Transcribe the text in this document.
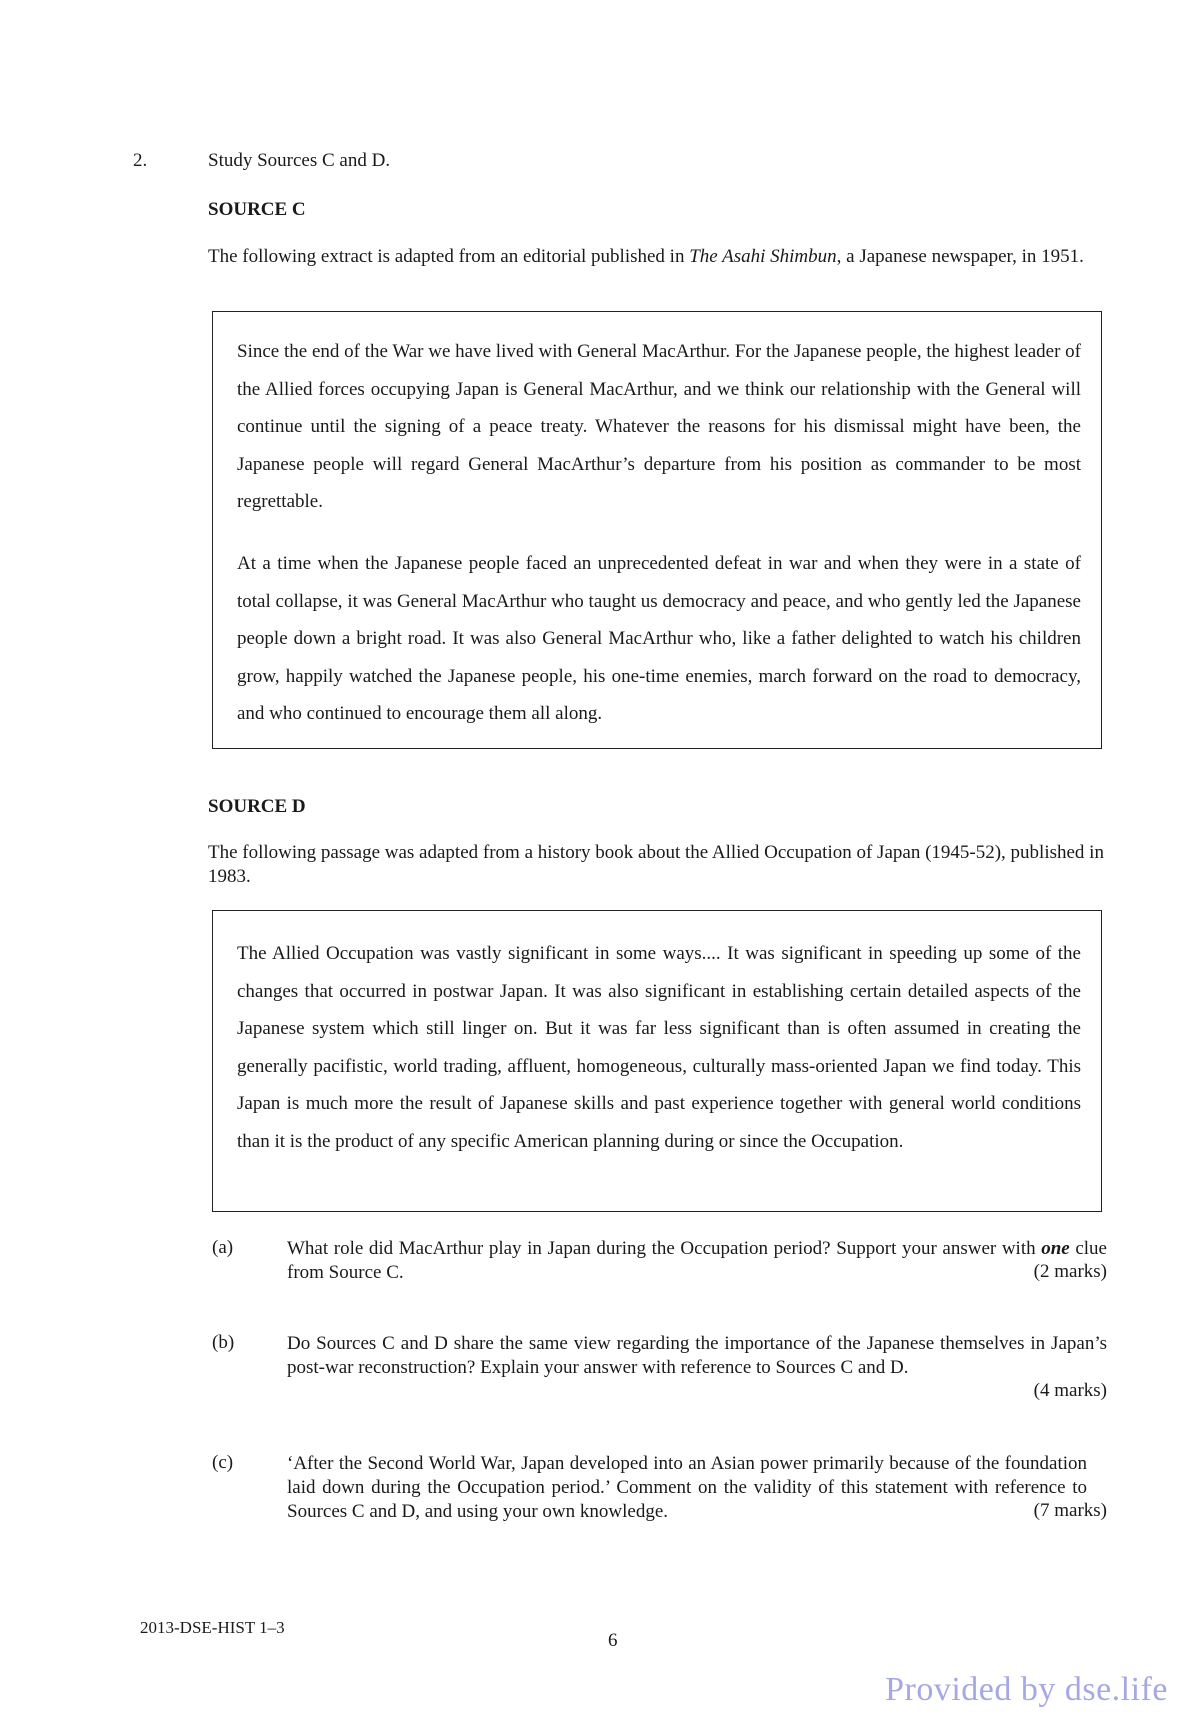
2.	Study Sources C and D.
SOURCE C
The following extract is adapted from an editorial published in The Asahi Shimbun, a Japanese newspaper, in 1951.

Since the end of the War we have lived with General MacArthur. For the Japanese people, the highest leader of the Allied forces occupying Japan is General MacArthur, and we think our relationship with the General will continue until the signing of a peace treaty. Whatever the reasons for his dismissal might have been, the Japanese people will regard General MacArthur’s departure from his position as commander to be most regrettable.

At a time when the Japanese people faced an unprecedented defeat in war and when they were in a state of total collapse, it was General MacArthur who taught us democracy and peace, and who gently led the Japanese people down a bright road. It was also General MacArthur who, like a father delighted to watch his children grow, happily watched the Japanese people, his one-time enemies, march forward on the road to democracy, and who continued to encourage them all along.

SOURCE D
The following passage was adapted from a history book about the Allied Occupation of Japan (1945-52), published in 1983.

The Allied Occupation was vastly significant in some ways.... It was significant in speeding up some of the changes that occurred in postwar Japan. It was also significant in establishing certain detailed aspects of the Japanese system which still linger on. But it was far less significant than is often assumed in creating the generally pacifistic, world trading, affluent, homogeneous, culturally mass-oriented Japan we find today. This Japan is much more the result of Japanese skills and past experience together with general world conditions than it is the product of any specific American planning during or since the Occupation.

(a)	What role did MacArthur play in Japan during the Occupation period? Support your answer with one clue from Source C.	(2 marks)
(b)	Do Sources C and D share the same view regarding the importance of the Japanese themselves in Japan’s post-war reconstruction? Explain your answer with reference to Sources C and D.
(4 marks)
(c)	‘After the Second World War, Japan developed into an Asian power primarily because of the foundation laid down during the Occupation period.’ Comment on the validity of this statement with reference to Sources C and D, and using your own knowledge.	(7 marks)
2013-DSE-HIST 1–3
6
Provided by dse.life
